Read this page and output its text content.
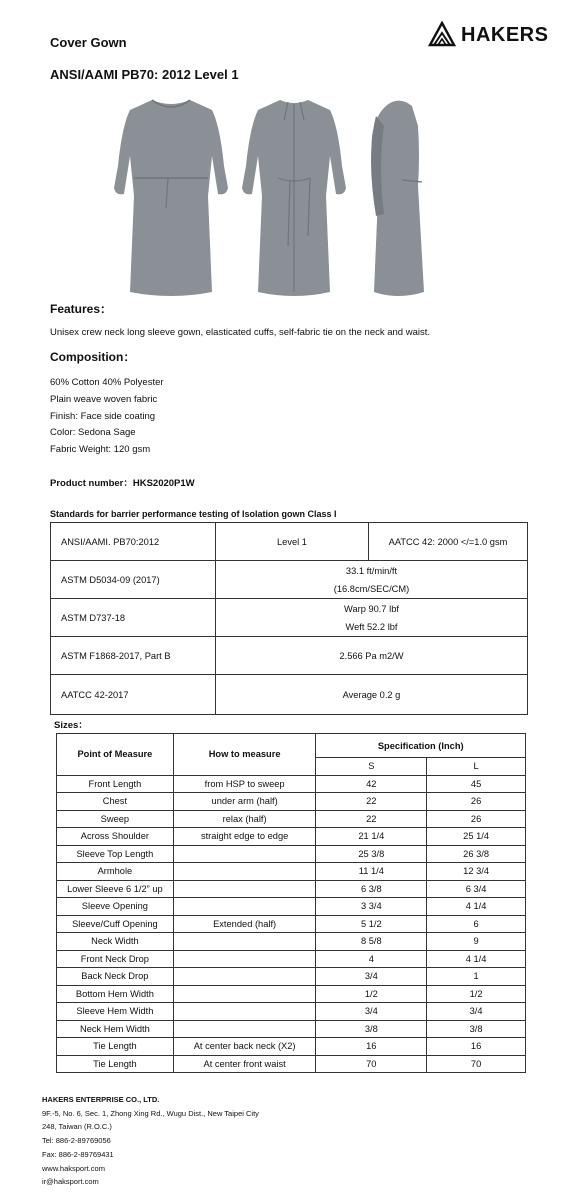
Cover Gown
ANSI/AAMI PB70: 2012 Level 1
HAKERS
Features：
Unisex crew neck long sleeve gown, elasticated cuffs, self-fabric tie on the neck and waist.
Composition：
60% Cotton 40% Polyester
Plain weave woven fabric
Finish: Face side coating
Color: Sedona Sage
Fabric Weight: 120 gsm
Product number：HKS2020P1W
Standards for barrier performance testing of Isolation gown Class I
ANSI/AAMI. PB70:2012	Level 1	AATCC 42: 2000 </=1.0 gsm
ASTM D5034-09 (2017)	33.1 ft/min/ft
(16.8cm/SEC/CM)	

ASTM D737-18	Warp 90.7 lbf
Weft 52.2 lbf	

ASTM F1868-2017, Part B	2.566 Pa m2/W	
AATCC 42-2017	Average 0.2 g	
Sizes：
Point of Measure	How to measure	Specification (Inch)	
		S	L
Front Length	from HSP to sweep	42	45
Chest	under arm (half)	22	26
Sweep	relax (half)	22	26
Across Shoulder	straight edge to edge	21 1/4	25 1/4
Sleeve Top Length		25 3/8	26 3/8
Armhole		11 1/4	12 3/4
Lower Sleeve 6 1/2” up		6 3/8	6 3/4
Sleeve Opening		3 3/4	4 1/4
Sleeve/Cuff Opening	Extended (half)	5 1/2	6
Neck Width		8 5/8	9
Front Neck Drop		4	4 1/4
Back Neck Drop		3/4	1
Bottom Hem Width		1/2	1/2
Sleeve Hem Width		3/4	3/4
Neck Hem Width		3/8	3/8
Tie Length	At center back neck (X2)	16	16
Tie Length	At center front waist	70	70
HAKERS ENTERPRISE CO., LTD.
9F.-5, No. 6, Sec. 1, Zhong Xing Rd., Wugu Dist., New Taipei City
248, Taiwan (R.O.C.)
Tel: 886-2-89769056
Fax: 886-2-89769431
www.haksport.com
ir@haksport.com
